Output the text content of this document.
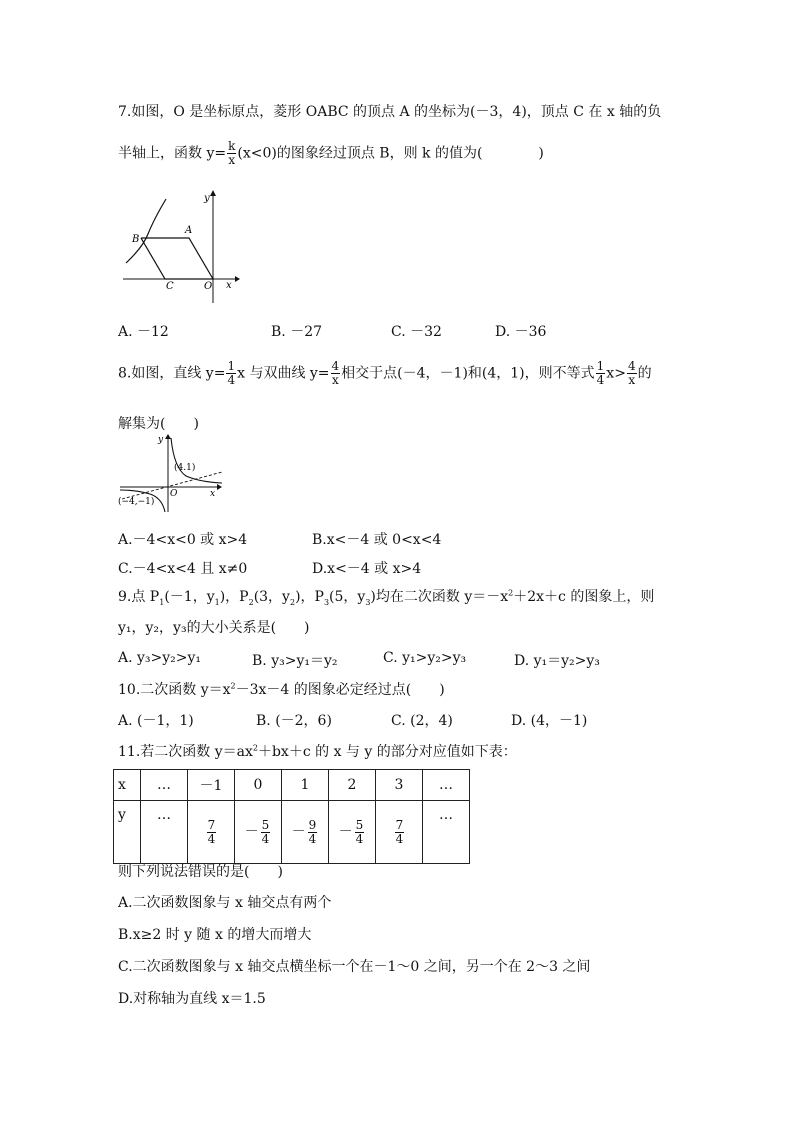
7.如图，O 是坐标原点，菱形 OABC 的顶点 A 的坐标为(－3，4)，顶点 C 在 x 轴的负
半轴上，函数 $y= \frac{k}{x} (x<0)$的图象经过顶点 B，则 k 的值为(　　　　)
y
x
A
B
C	O
A. －12	B. －27	C. －32	D. －36
8.如图，直线 $y= \frac{1}{4}$ x 与双曲线 $y= \frac{4}{x}$ 相交于点(－4，－1)和(4，1)，则不等式 $\frac{1}{4} x> \frac{4}{x}$ 的
解集为(　　)
y
x
O
(4.1)
(−4,−1)
A.－4<x<0 或 x>4	B.x<－4 或 0<x<4
C.－4<x<4 且 x≠0	D.x<－4 或 x>4
9.点 $P_1(-1$，$y_1$)，$P_2(3$，$y_2$)，$P_3(5$，$y_3$)均在二次函数 $y=-x^2+2x+c$ 的图象上，则
y₁，y₂，y₃的大小关系是(　　)
A. y₃>y₂>y₁	B. y₃>y₁＝y₂	C. y₁>y₂>y₃	D. y₁＝y₂>y₃
10.二次函数 $y=x^2-3x-4$ 的图象必定经过点(　　)
A. (－1，1)	B. (－2，6)	C. (2，4)	D. (4，－1)
11.若二次函数 $y=ax^2+bx+c$ 的 x 与 y 的部分对应值如下表：
x	…	－1	0	1	2	3	…
y	…	$\frac{7}{4}$	－ $\frac{5}{4}$	－ $\frac{9}{4}$	－ $\frac{5}{4}$	$\frac{7}{4}$	…
则下列说法错误的是(　　)
A.二次函数图象与 x 轴交点有两个
B.x≥2 时 y 随 x 的增大而增大
C.二次函数图象与 x 轴交点横坐标一个在－1～0 之间，另一个在 2～3 之间
D.对称轴为直线 x＝1.5
